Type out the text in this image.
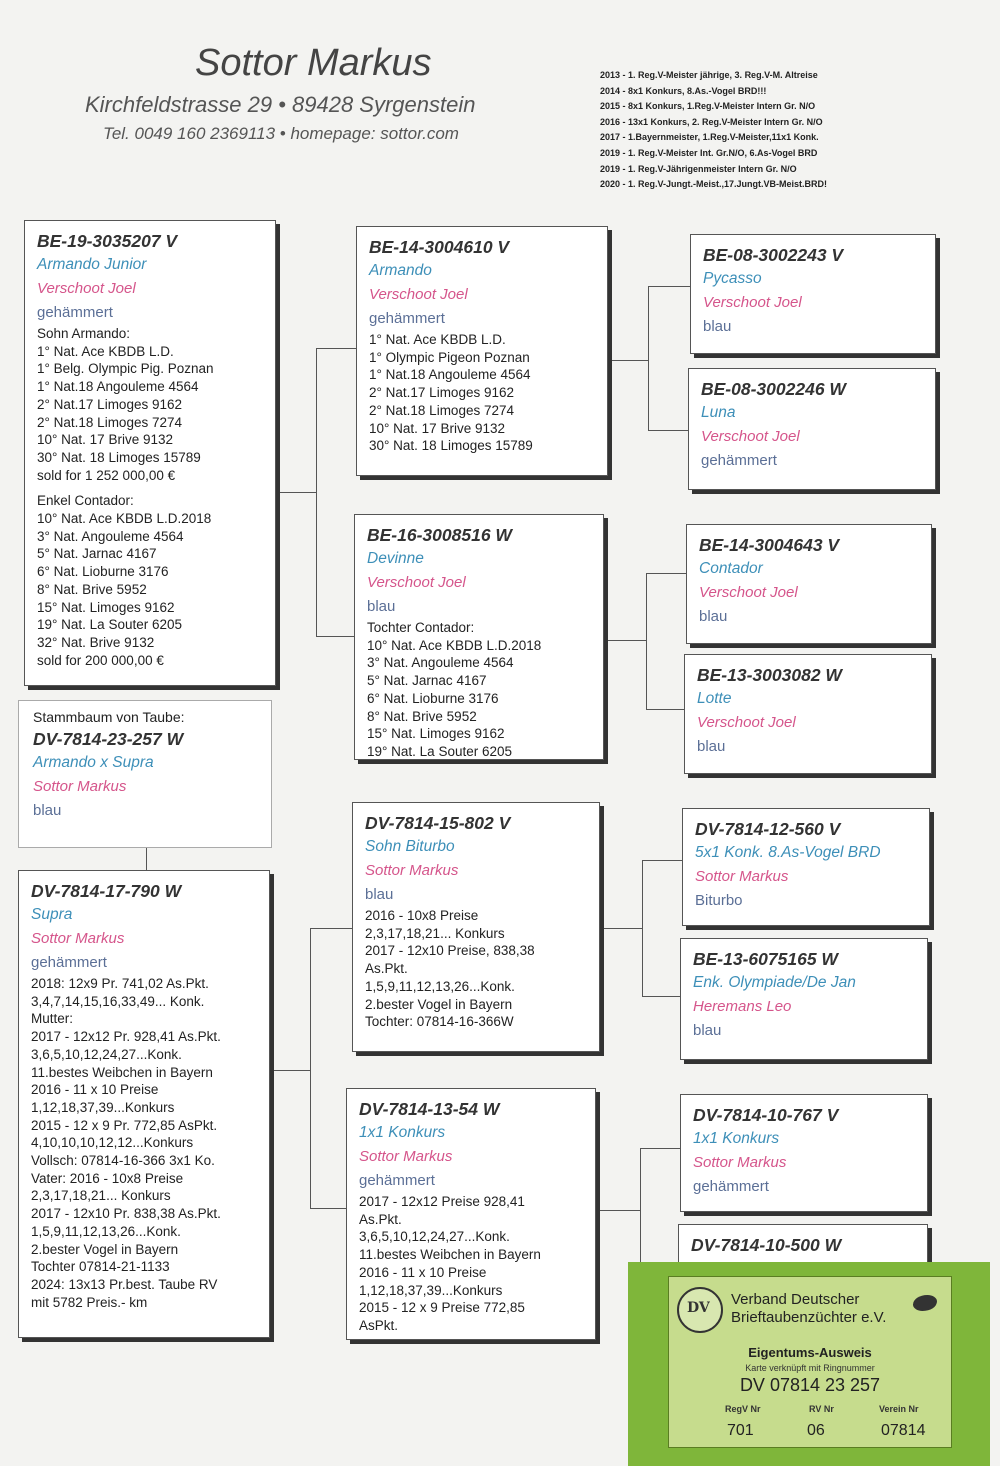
Sottor Markus
Kirchfeldstrasse 29 • 89428 Syrgenstein
Tel. 0049 160 2369113 • homepage: sottor.com
2013 - 1. Reg.V-Meister jährige, 3. Reg.V-M. Altreise
2014 - 8x1 Konkurs, 8.As.-Vogel BRD!!!
2015 - 8x1 Konkurs, 1.Reg.V-Meister Intern Gr. N/O
2016 - 13x1 Konkurs, 2. Reg.V-Meister Intern Gr. N/O
2017 - 1.Bayernmeister, 1.Reg.V-Meister,11x1 Konk.
2019 - 1. Reg.V-Meister Int. Gr.N/O, 6.As-Vogel BRD
2019 - 1. Reg.V-Jährigenmeister Intern Gr. N/O
2020 - 1. Reg.V-Jungt.-Meist.,17.Jungt.VB-Meist.BRD!
BE-19-3035207 V
Armando Junior
Verschoot Joel
gehämmert
Sohn Armando:
1° Nat. Ace KBDB L.D.
1° Belg. Olympic Pig. Poznan
1° Nat.18 Angouleme 4564
2° Nat.17 Limoges 9162
2° Nat.18 Limoges 7274
10° Nat. 17 Brive 9132
30° Nat. 18 Limoges 15789
sold for 1 252 000,00 €
Enkel Contador:
10° Nat. Ace KBDB L.D.2018
3° Nat. Angouleme 4564
5° Nat. Jarnac 4167
6° Nat. Lioburne 3176
8° Nat. Brive 5952
15° Nat. Limoges 9162
19° Nat. La Souter 6205
32° Nat. Brive 9132
sold for 200 000,00 €
Stammbaum von Taube:
DV-7814-23-257 W
Armando x Supra
Sottor Markus
blau
DV-7814-17-790 W
Supra
Sottor Markus
gehämmert
2018: 12x9 Pr. 741,02 As.Pkt.
3,4,7,14,15,16,33,49... Konk.
Mutter:
2017 - 12x12 Pr. 928,41 As.Pkt.
3,6,5,10,12,24,27...Konk.
11.bestes Weibchen in Bayern
2016 - 11 x 10 Preise
1,12,18,37,39...Konkurs
2015 - 12 x 9 Pr. 772,85 AsPkt.
4,10,10,10,12,12...Konkurs
Vollsch: 07814-16-366 3x1 Ko.
Vater: 2016 - 10x8 Preise
2,3,17,18,21... Konkurs
2017 - 12x10 Pr. 838,38 As.Pkt.
1,5,9,11,12,13,26...Konk.
2.bester Vogel in Bayern
Tochter 07814-21-1133
2024: 13x13 Pr.best. Taube RV
mit 5782 Preis.- km
BE-14-3004610 V
Armando
Verschoot Joel
gehämmert
1° Nat. Ace KBDB L.D.
1° Olympic Pigeon Poznan
1° Nat.18 Angouleme 4564
2° Nat.17 Limoges 9162
2° Nat.18 Limoges 7274
10° Nat. 17 Brive 9132
30° Nat. 18 Limoges 15789
BE-16-3008516 W
Devinne
Verschoot Joel
blau
Tochter Contador:
10° Nat. Ace KBDB L.D.2018
3° Nat. Angouleme 4564
5° Nat. Jarnac 4167
6° Nat. Lioburne 3176
8° Nat. Brive 5952
15° Nat. Limoges 9162
19° Nat. La Souter 6205
DV-7814-15-802 V
Sohn Biturbo
Sottor Markus
blau
2016 - 10x8 Preise
2,3,17,18,21... Konkurs
2017 - 12x10 Preise, 838,38
As.Pkt.
1,5,9,11,12,13,26...Konk.
2.bester Vogel in Bayern
Tochter: 07814-16-366W
DV-7814-13-54 W
1x1 Konkurs
Sottor Markus
gehämmert
2017 - 12x12 Preise 928,41
As.Pkt.
3,6,5,10,12,24,27...Konk.
11.bestes Weibchen in Bayern
2016 - 11 x 10 Preise
1,12,18,37,39...Konkurs
2015 - 12 x 9 Preise 772,85
AsPkt.
BE-08-3002243 V
Pycasso
Verschoot Joel
blau
BE-08-3002246 W
Luna
Verschoot Joel
gehämmert
BE-14-3004643 V
Contador
Verschoot Joel
blau
BE-13-3003082 W
Lotte
Verschoot Joel
blau
DV-7814-12-560 V
5x1 Konk. 8.As-Vogel BRD
Sottor Markus
Biturbo
BE-13-6075165 W
Enk. Olympiade/De Jan
Heremans Leo
blau
DV-7814-10-767 V
1x1 Konkurs
Sottor Markus
gehämmert
DV-7814-10-500 W
DV Verband Deutscher
Brieftaubenzüchter e.V.
Eigentums-Ausweis
Karte verknüpft mit Ringnummer
DV 07814 23 257
RegV Nr	RV Nr	Verein Nr
701	06	07814
